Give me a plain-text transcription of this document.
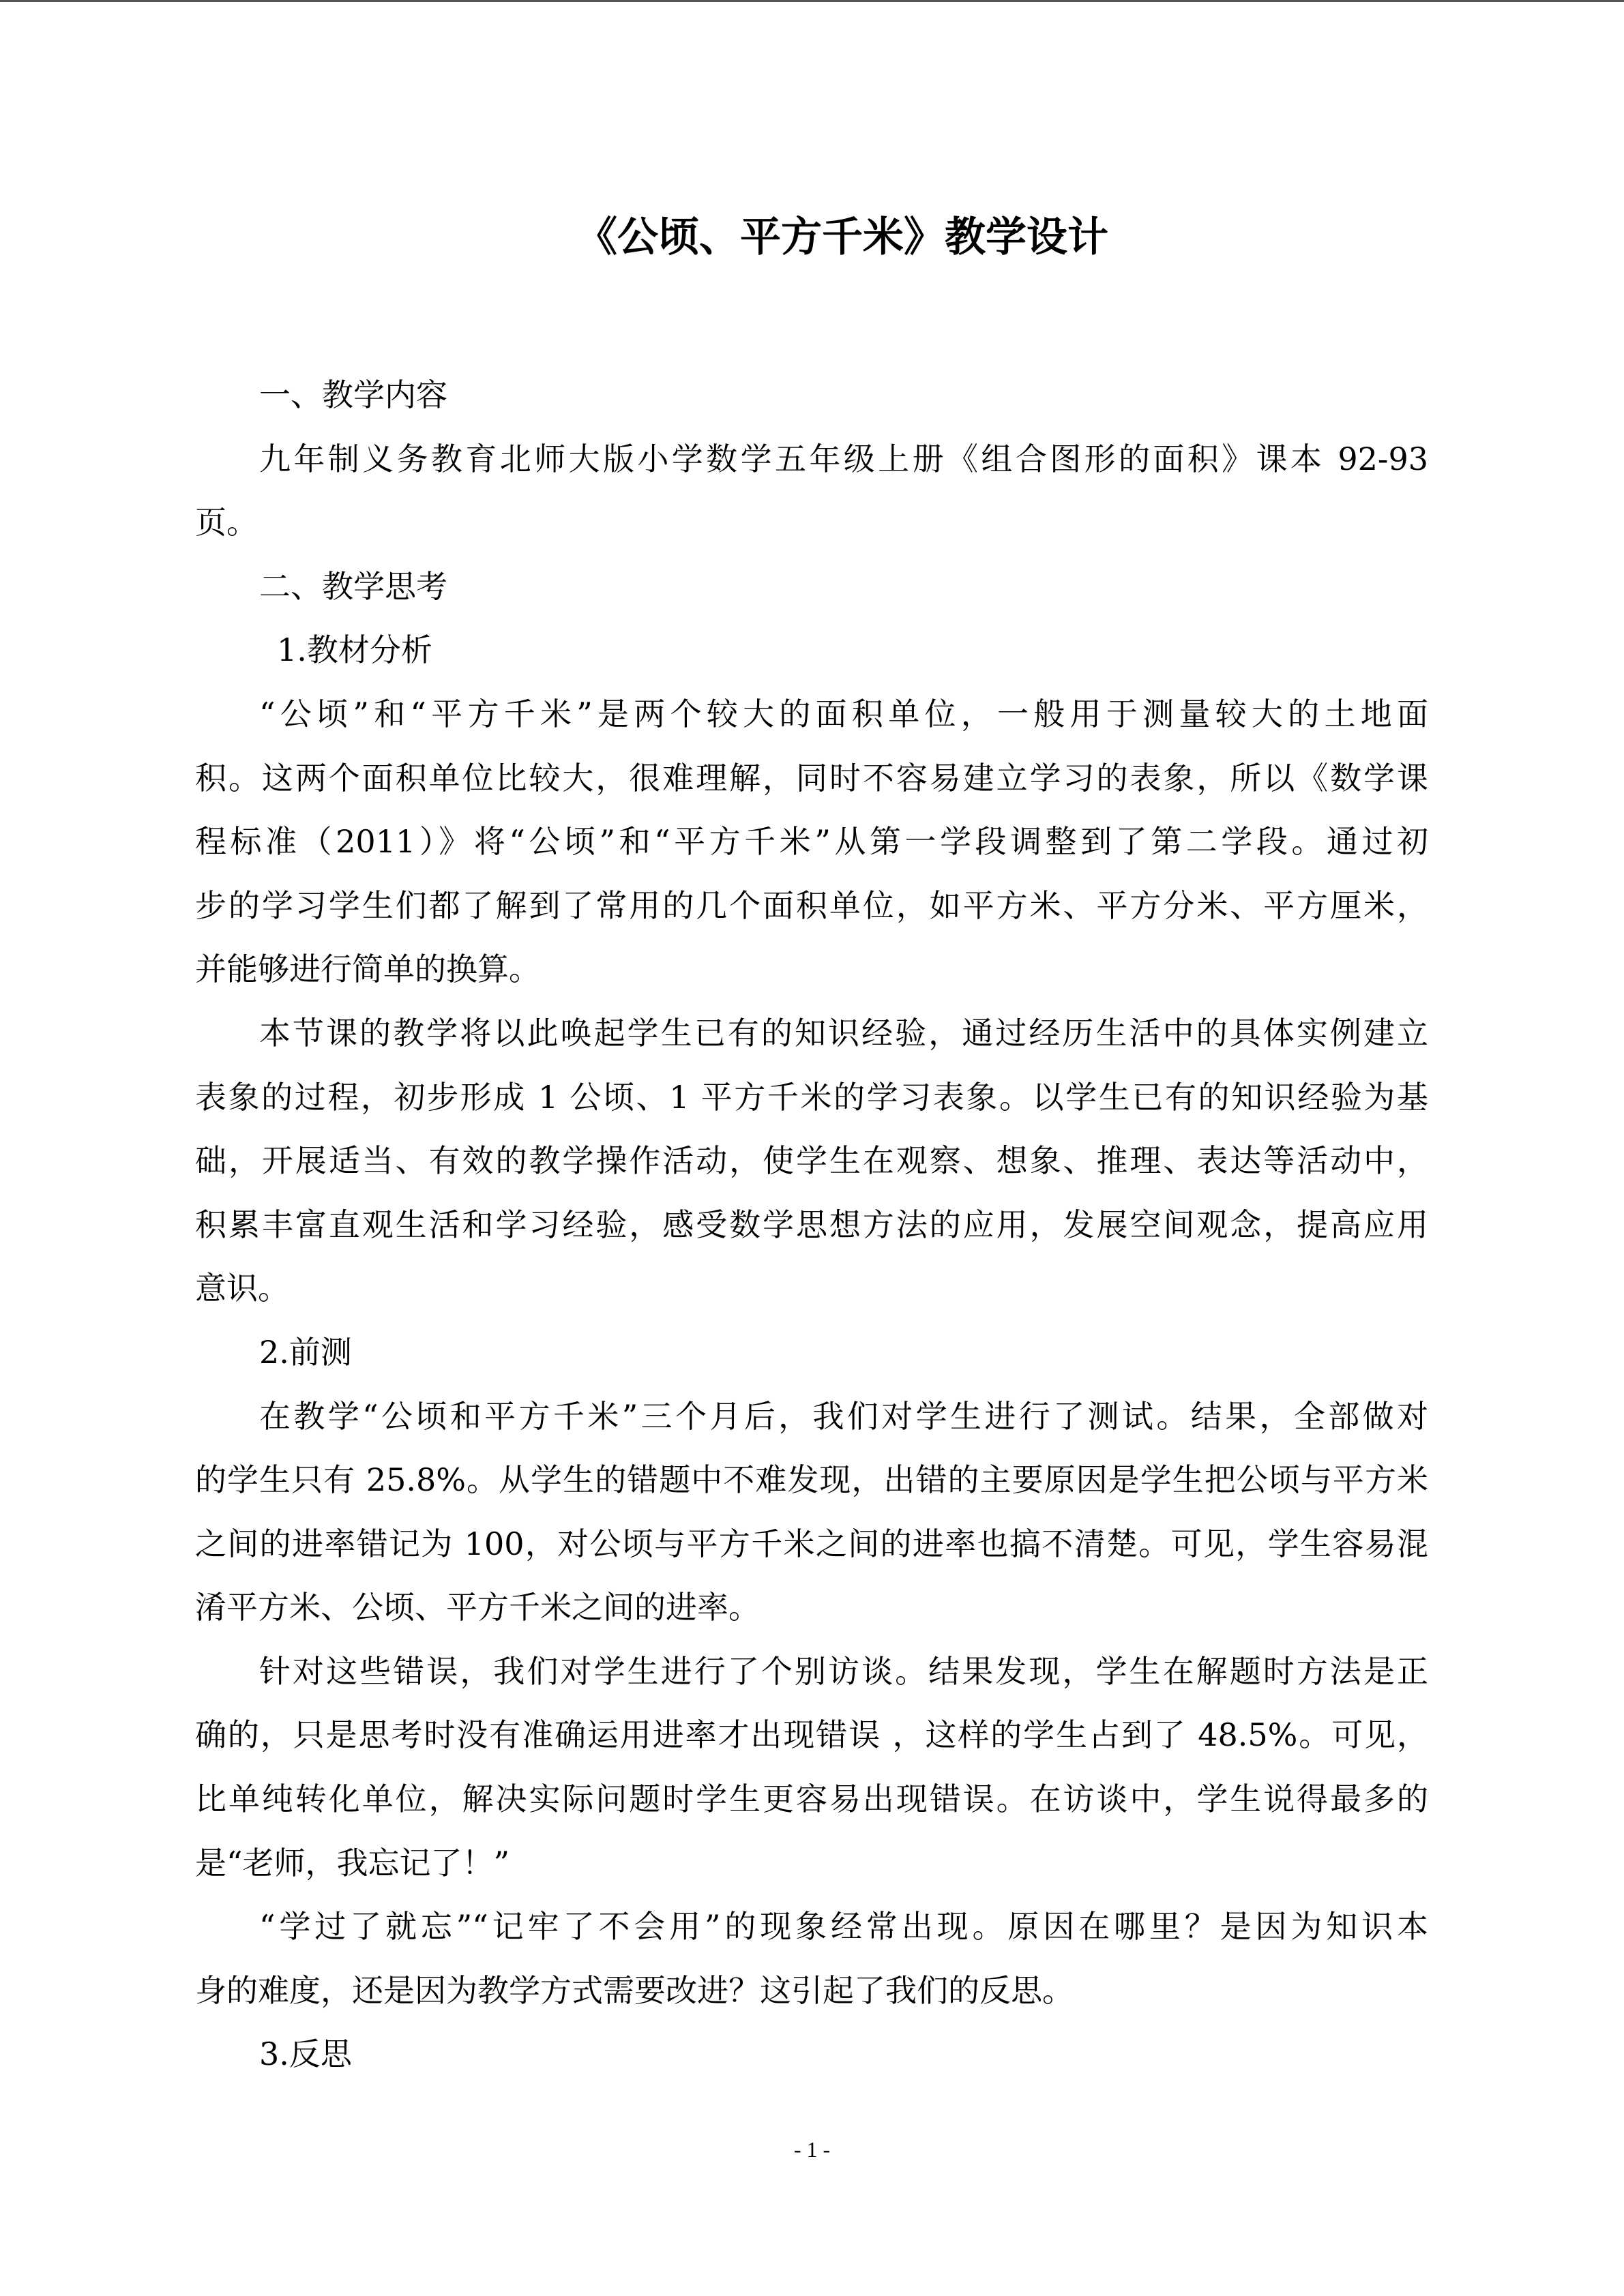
《公顷、平方千米》教学设计
一、教学内容
九年制义务教育北师大版小学数学五年级上册《组合图形的面积》课本 92-93
页。
二、教学思考
1.教材分析
“公顷”和“平方千米”是两个较大的面积单位，一般用于测量较大的土地面
积。这两个面积单位比较大，很难理解，同时不容易建立学习的表象，所以《数学课
程标准（2011）》将“公顷”和“平方千米”从第一学段调整到了第二学段。通过初
步的学习学生们都了解到了常用的几个面积单位，如平方米、平方分米、平方厘米，
并能够进行简单的换算。
本节课的教学将以此唤起学生已有的知识经验，通过经历生活中的具体实例建立
表象的过程，初步形成 1 公顷、1 平方千米的学习表象。以学生已有的知识经验为基
础，开展适当、有效的教学操作活动，使学生在观察、想象、推理、表达等活动中，
积累丰富直观生活和学习经验，感受数学思想方法的应用，发展空间观念，提高应用
意识。
2.前测
在教学“公顷和平方千米”三个月后，我们对学生进行了测试。结果，全部做对
的学生只有 25.8%。从学生的错题中不难发现，出错的主要原因是学生把公顷与平方米
之间的进率错记为 100，对公顷与平方千米之间的进率也搞不清楚。可见，学生容易混
淆平方米、公顷、平方千米之间的进率。
针对这些错误，我们对学生进行了个别访谈。结果发现，学生在解题时方法是正
确的，只是思考时没有准确运用进率才出现错误 ，这样的学生占到了 48.5%。可见，
比单纯转化单位，解决实际问题时学生更容易出现错误。在访谈中，学生说得最多的
是“老师，我忘记了！”
“学过了就忘”“记牢了不会用”的现象经常出现。原因在哪里？是因为知识本
身的难度，还是因为教学方式需要改进？这引起了我们的反思。
3.反思
- 1 -
